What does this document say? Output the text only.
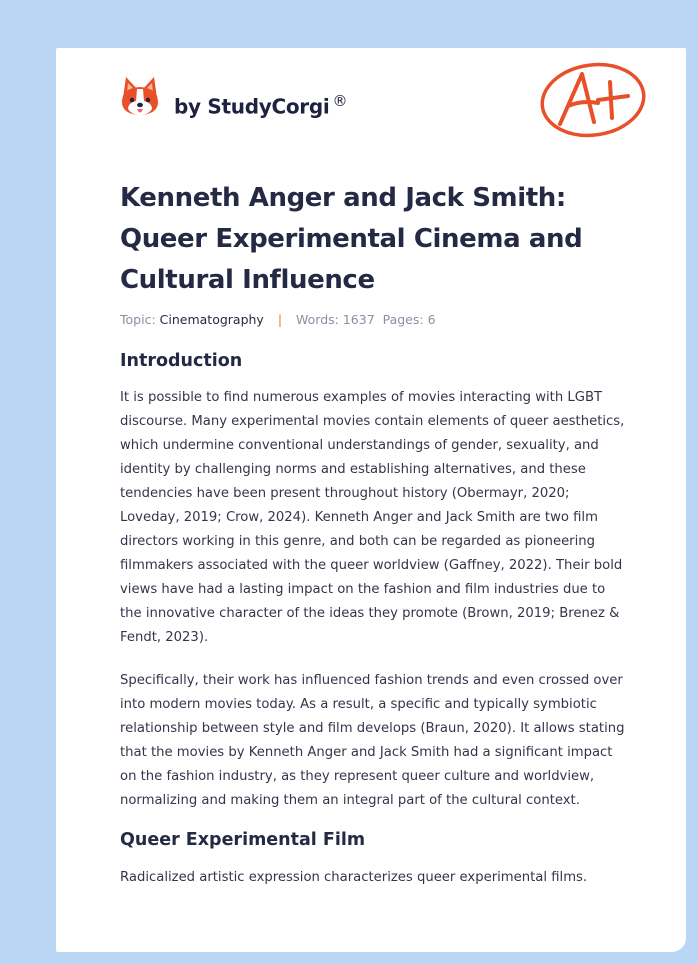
by StudyCorgi ®
Kenneth Anger and Jack Smith: Queer Experimental Cinema and Cultural Influence
Topic: Cinematography | Words: 1637 Pages: 6
Introduction

It is possible to find numerous examples of movies interacting with LGBT discourse. Many experimental movies contain elements of queer aesthetics, which undermine conventional understandings of gender, sexuality, and identity by challenging norms and establishing alternatives, and these tendencies have been present throughout history (Obermayr, 2020; Loveday, 2019; Crow, 2024). Kenneth Anger and Jack Smith are two film directors working in this genre, and both can be regarded as pioneering filmmakers associated with the queer worldview (Gaffney, 2022). Their bold views have had a lasting impact on the fashion and film industries due to the innovative character of the ideas they promote (Brown, 2019; Brenez & Fendt, 2023).

Specifically, their work has influenced fashion trends and even crossed over into modern movies today. As a result, a specific and typically symbiotic relationship between style and film develops (Braun, 2020). It allows stating that the movies by Kenneth Anger and Jack Smith had a significant impact on the fashion industry, as they represent queer culture and worldview, normalizing and making them an integral part of the cultural context.

Queer Experimental Film

Radicalized artistic expression characterizes queer experimental films.
